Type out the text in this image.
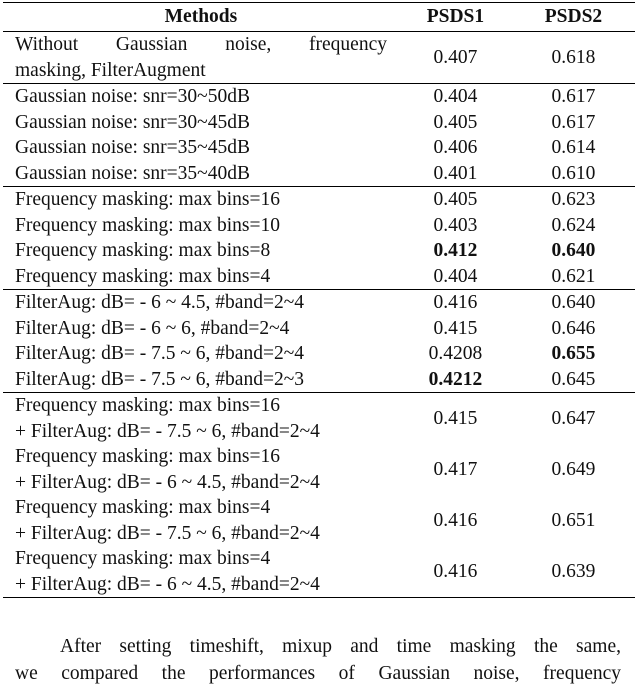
Methods	PSDS1	PSDS2

Without Gaussian noise, frequency
masking, FilterAugment	0.407	0.618
Gaussian noise: snr=30~50dB	0.404	0.617
Gaussian noise: snr=30~45dB	0.405	0.617
Gaussian noise: snr=35~45dB	0.406	0.614
Gaussian noise: snr=35~40dB	0.401	0.610
Frequency masking: max bins=16	0.405	0.623
Frequency masking: max bins=10	0.403	0.624
Frequency masking: max bins=8	0.412	0.640
Frequency masking: max bins=4	0.404	0.621
FilterAug: dB= - 6 ~ 4.5, #band=2~4	0.416	0.640
FilterAug: dB= - 6 ~ 6, #band=2~4	0.415	0.646
FilterAug: dB= - 7.5 ~ 6, #band=2~4	0.4208	0.655
FilterAug: dB= - 7.5 ~ 6, #band=2~3	0.4212	0.645

Frequency masking: max bins=16
+ FilterAug: dB= - 7.5 ~ 6, #band=2~4	0.415	0.647

Frequency masking: max bins=16
+ FilterAug: dB= - 6 ~ 4.5, #band=2~4	0.417	0.649

Frequency masking: max bins=4
+ FilterAug: dB= - 7.5 ~ 6, #band=2~4	0.416	0.651

Frequency masking: max bins=4
+ FilterAug: dB= - 6 ~ 4.5, #band=2~4	0.416	0.639
After setting timeshift, mixup and time masking the same,
we compared the performances of Gaussian noise, frequency
